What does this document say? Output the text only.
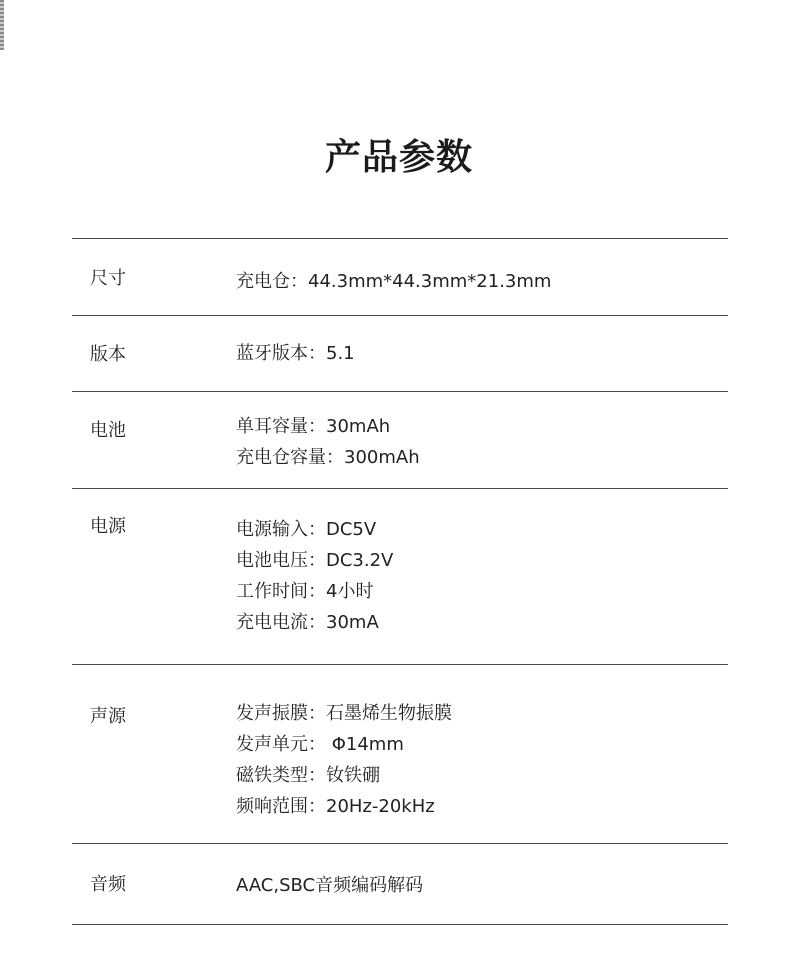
产品参数
尺寸	充电仓：44.3mm*44.3mm*21.3mm
版本	蓝牙版本：5.1
电池	单耳容量：30mAh
充电仓容量：300mAh
电源	电源输入：DC5V
电池电压：DC3.2V
工作时间：4小时
充电电流：30mA
声源	发声振膜：石墨烯生物振膜
发声单元： Φ14mm
磁铁类型：钕铁硼
频响范围：20Hz-20kHz
音频	AAC,SBC音频编码解码
